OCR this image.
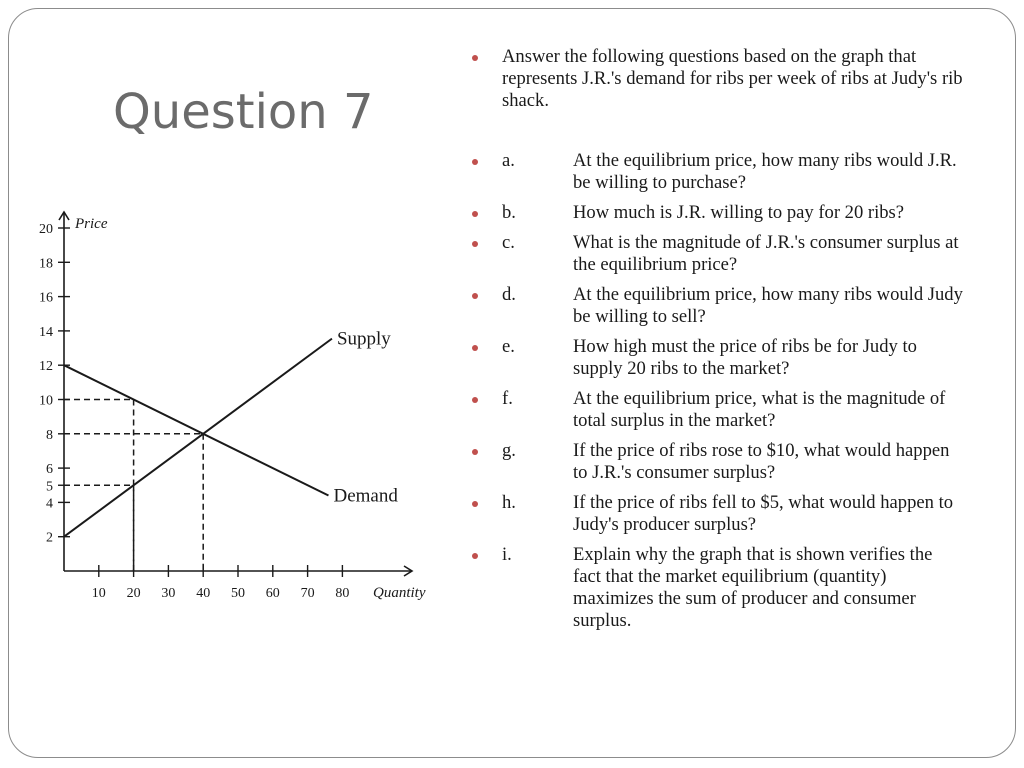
Question 7
Price
Quantity
10 20 30 40 50 60 70 80
2
4
5
6
8
10
12
14
16
18
20
Supply
Demand
Answer the following questions based on the graph that represents J.R.'s demand for ribs per week of ribs at Judy's rib shack.
a.	At the equilibrium price, how many ribs would J.R. be willing to purchase?
b.	How much is J.R. willing to pay for 20 ribs?
c.	What is the magnitude of J.R.'s consumer surplus at the equilibrium price?
d.	At the equilibrium price, how many ribs would Judy be willing to sell?
e.	How high must the price of ribs be for Judy to supply 20 ribs to the market?
f.	At the equilibrium price, what is the magnitude of total surplus in the market?
g.	If the price of ribs rose to $10, what would happen to J.R.'s consumer surplus?
h.	If the price of ribs fell to $5, what would happen to Judy's producer surplus?
i.	Explain why the graph that is shown verifies the fact that the market equilibrium (quantity) maximizes the sum of producer and consumer surplus.
